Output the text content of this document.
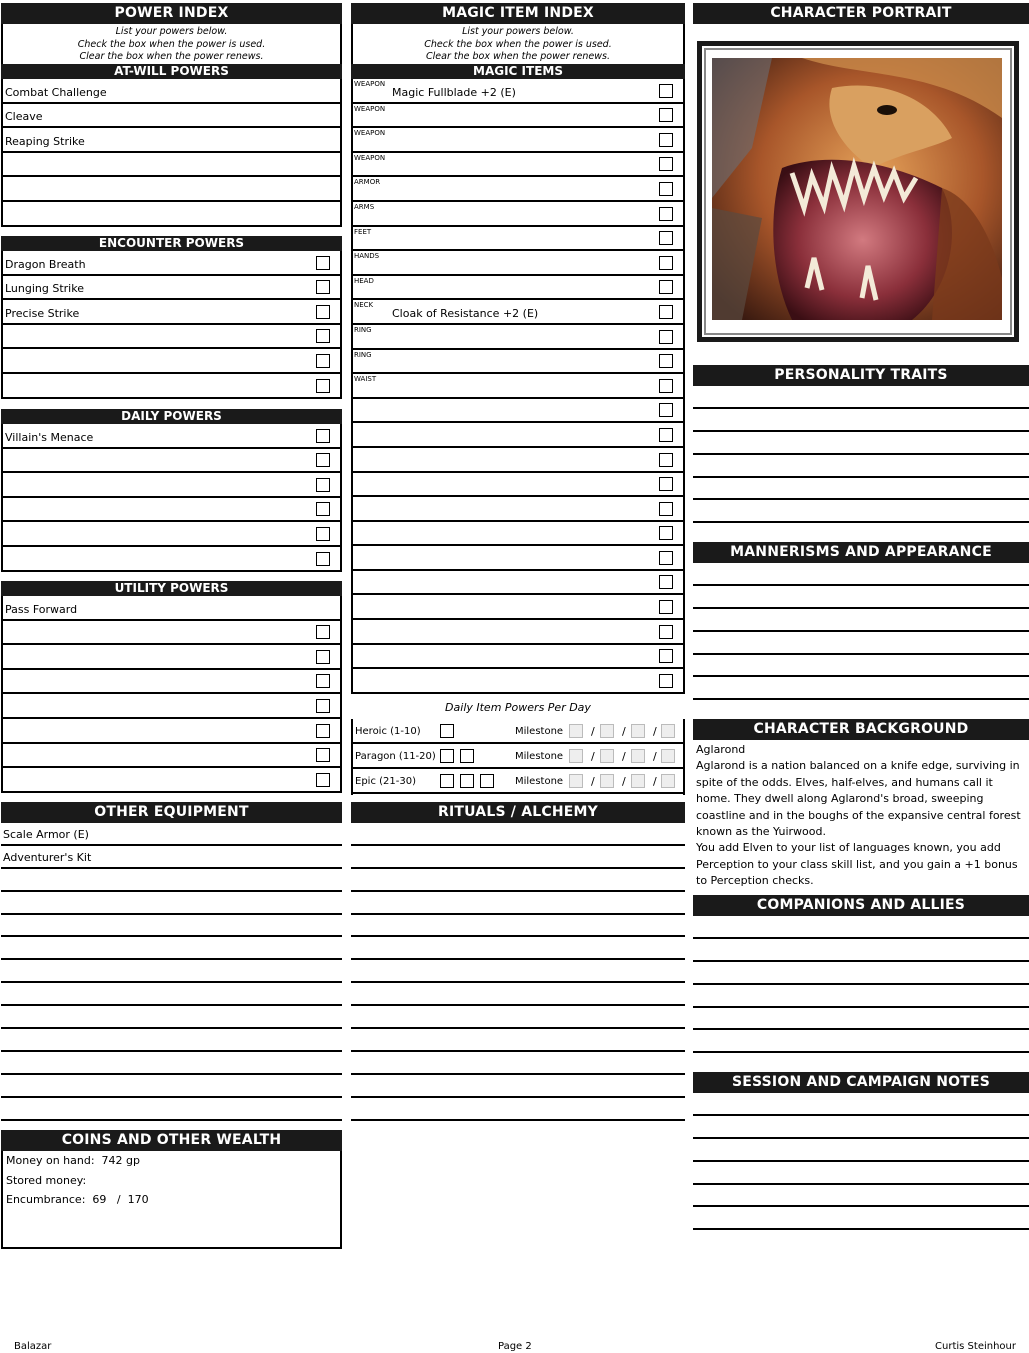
POWER INDEX
List your powers below.
Check the box when the power is used.
Clear the box when the power renews.
AT-WILL POWERS
Combat Challenge
Cleave
Reaping Strike
ENCOUNTER POWERS
Dragon Breath
Lunging Strike
Precise Strike
DAILY POWERS
Villain's Menace
UTILITY POWERS
Pass Forward
OTHER EQUIPMENT
Scale Armor (E)
Adventurer's Kit
COINS AND OTHER WEALTH
Money on hand: 742 gp
Stored money:
Encumbrance: 69 / 170
MAGIC ITEM INDEX
List your powers below.
Check the box when the power is used.
Clear the box when the power renews.
MAGIC ITEMS
WEAPON
Magic Fullblade +2 (E)
WEAPON
WEAPON
WEAPON
ARMOR
ARMS
FEET
HANDS
HEAD
NECK
Cloak of Resistance +2 (E)
RING
RING
WAIST
Daily Item Powers Per Day
Heroic (1-10)	Milestone	/ / /
Paragon (11-20)	Milestone	/ / /
Epic (21-30)	Milestone	/ / /
RITUALS / ALCHEMY
CHARACTER PORTRAIT
PERSONALITY TRAITS
MANNERISMS AND APPEARANCE
CHARACTER BACKGROUND
Aglarond
Aglarond is a nation balanced on a knife edge, surviving in spite of the odds. Elves, half-elves, and humans call it home. They dwell along Aglarond's broad, sweeping coastline and in the boughs of the expansive central forest known as the Yuirwood.
You add Elven to your list of languages known, you add Perception to your class skill list, and you gain a +1 bonus to Perception checks.
COMPANIONS AND ALLIES
SESSION AND CAMPAIGN NOTES
Balazar	Page 2	Curtis Steinhour
